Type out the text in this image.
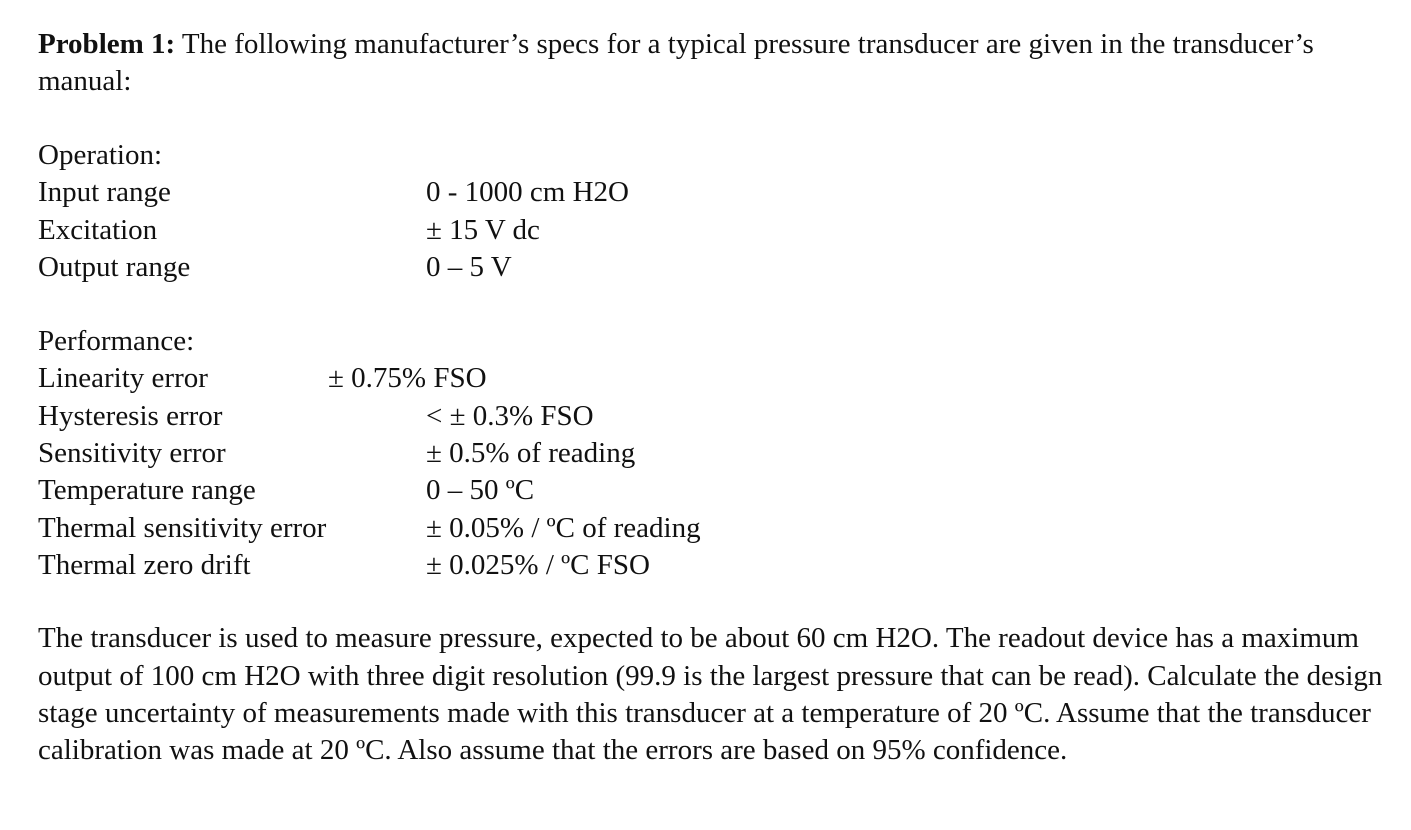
Problem 1: The following manufacturer’s specs for a typical pressure transducer are given in the transducer’s manual:

Operation:
Input range	0 - 1000 cm H2O
Excitation	± 15 V dc
Output range	0 – 5 V
Performance:
Linearity error	± 0.75% FSO
Hysteresis error	< ± 0.3% FSO
Sensitivity error	± 0.5% of reading
Temperature range	0 – 50 ºC
Thermal sensitivity error	± 0.05% / ºC of reading
Thermal zero drift	± 0.025% / ºC FSO

The transducer is used to measure pressure, expected to be about 60 cm H2O. The readout device has a maximum output of 100 cm H2O with three digit resolution (99.9 is the largest pressure that can be read). Calculate the design stage uncertainty of measurements made with this transducer at a temperature of 20 ºC. Assume that the transducer calibration was made at 20 ºC. Also assume that the errors are based on 95% confidence.
